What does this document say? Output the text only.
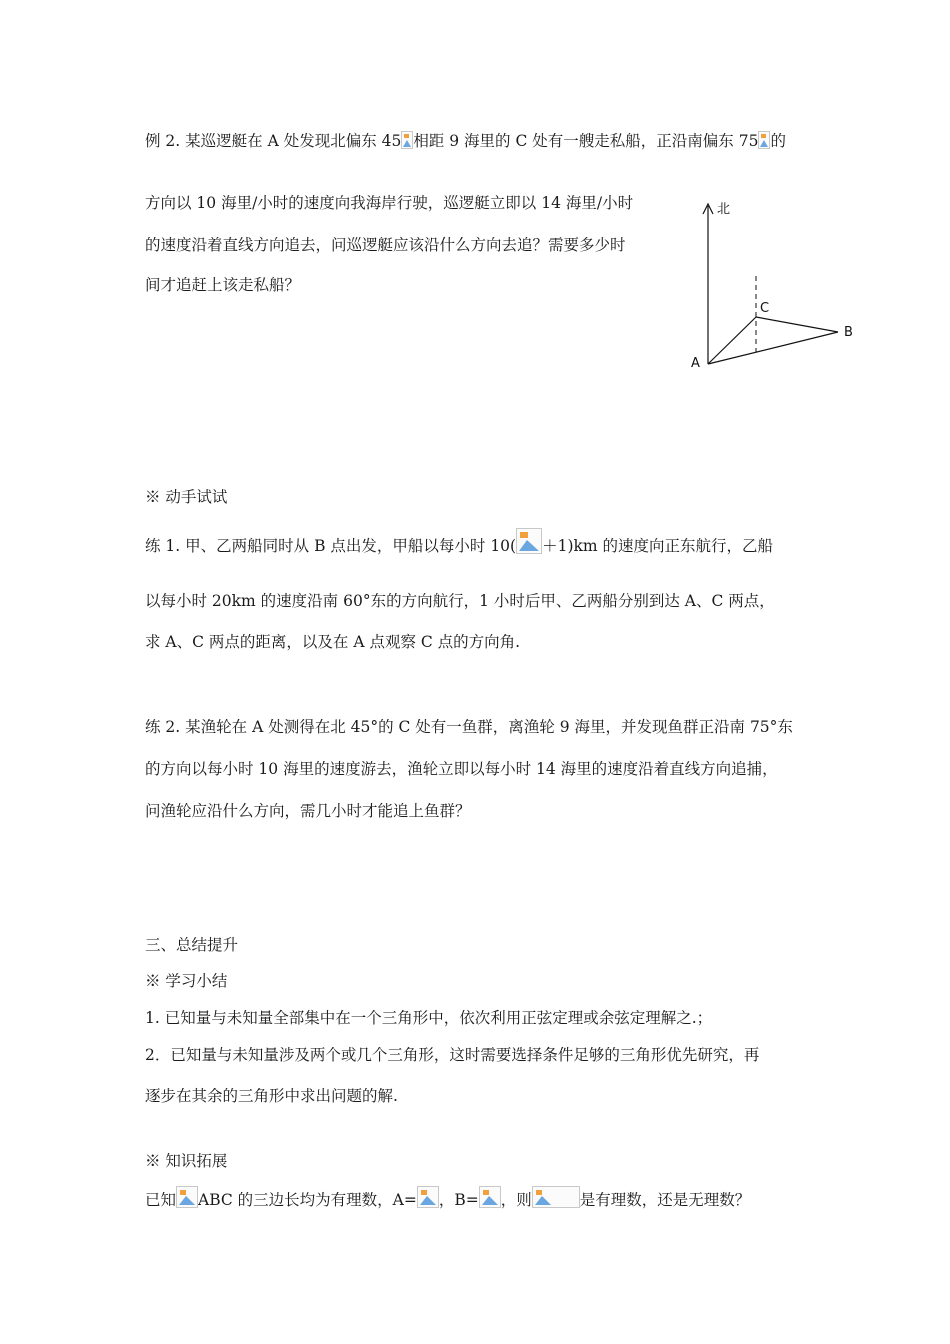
例 2. 某巡逻艇在 A 处发现北偏东 45 相距 9 海里的 C 处有一艘走私船，正沿南偏东 75 的
方向以 10 海里/小时的速度向我海岸行驶，巡逻艇立即以 14 海里/小时
的速度沿着直线方向追去，问巡逻艇应该沿什么方向去追？需要多少时
间才追赶上该走私船？
北
A
B
C
※ 动手试试
练 1. 甲、乙两船同时从 B 点出发，甲船以每小时 10( ＋1)km 的速度向正东航行，乙船
以每小时 20km 的速度沿南 60°东的方向航行，1 小时后甲、乙两船分别到达 A、C 两点，
求 A、C 两点的距离，以及在 A 点观察 C 点的方向角.
练 2. 某渔轮在 A 处测得在北 45°的 C 处有一鱼群，离渔轮 9 海里，并发现鱼群正沿南 75°东
的方向以每小时 10 海里的速度游去，渔轮立即以每小时 14 海里的速度沿着直线方向追捕，
问渔轮应沿什么方向，需几小时才能追上鱼群？
三、总结提升
※ 学习小结
1. 已知量与未知量全部集中在一个三角形中，依次利用正弦定理或余弦定理解之.；
2．已知量与未知量涉及两个或几个三角形，这时需要选择条件足够的三角形优先研究，再
逐步在其余的三角形中求出问题的解.
※ 知识拓展
已知 ABC 的三边长均为有理数，A= ，B= ，则	是有理数，还是无理数？
